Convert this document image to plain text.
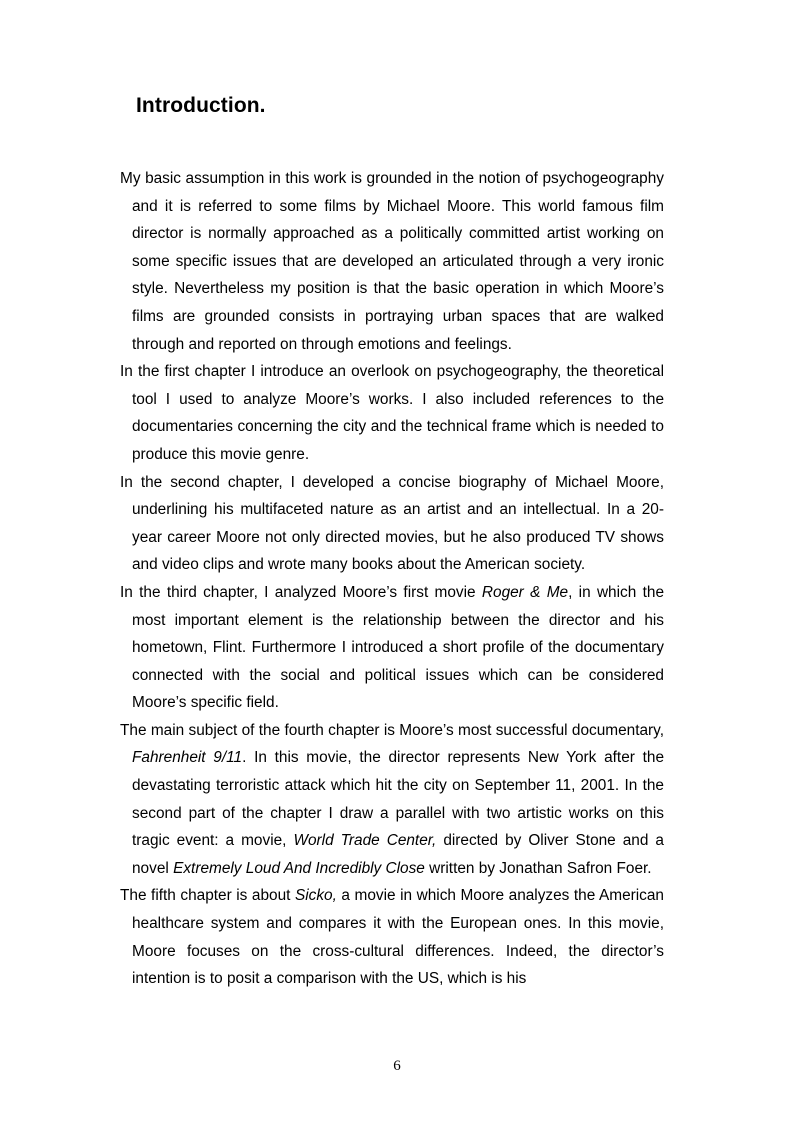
Introduction.

My basic assumption in this work is grounded in the notion of psychogeography and it is referred to some films by Michael Moore. This world famous film director is normally approached as a politically committed artist working on some specific issues that are developed an articulated through a very ironic style. Nevertheless my position is that the basic operation in which Moore’s films are grounded consists in portraying urban spaces that are walked through and reported on through emotions and feelings.

In the first chapter I introduce an overlook on psychogeography, the theoretical tool I used to analyze Moore’s works. I also included references to the documentaries concerning the city and the technical frame which is needed to produce this movie genre.

In the second chapter, I developed a concise biography of Michael Moore, underlining his multifaceted nature as an artist and an intellectual. In a 20-year career Moore not only directed movies, but he also produced TV shows and video clips and wrote many books about the American society.

In the third chapter, I analyzed Moore’s first movie Roger & Me, in which the most important element is the relationship between the director and his hometown, Flint. Furthermore I introduced a short profile of the documentary connected with the social and political issues which can be considered Moore’s specific field.

The main subject of the fourth chapter is Moore’s most successful documentary, Fahrenheit 9/11. In this movie, the director represents New York after the devastating terroristic attack which hit the city on September 11, 2001. In the second part of the chapter I draw a parallel with two artistic works on this tragic event: a movie, World Trade Center, directed by Oliver Stone and a novel Extremely Loud And Incredibly Close written by Jonathan Safron Foer.

The fifth chapter is about Sicko, a movie in which Moore analyzes the American healthcare system and compares it with the European ones. In this movie, Moore focuses on the cross-cultural differences. Indeed, the director’s intention is to posit a comparison with the US, which is his

6
